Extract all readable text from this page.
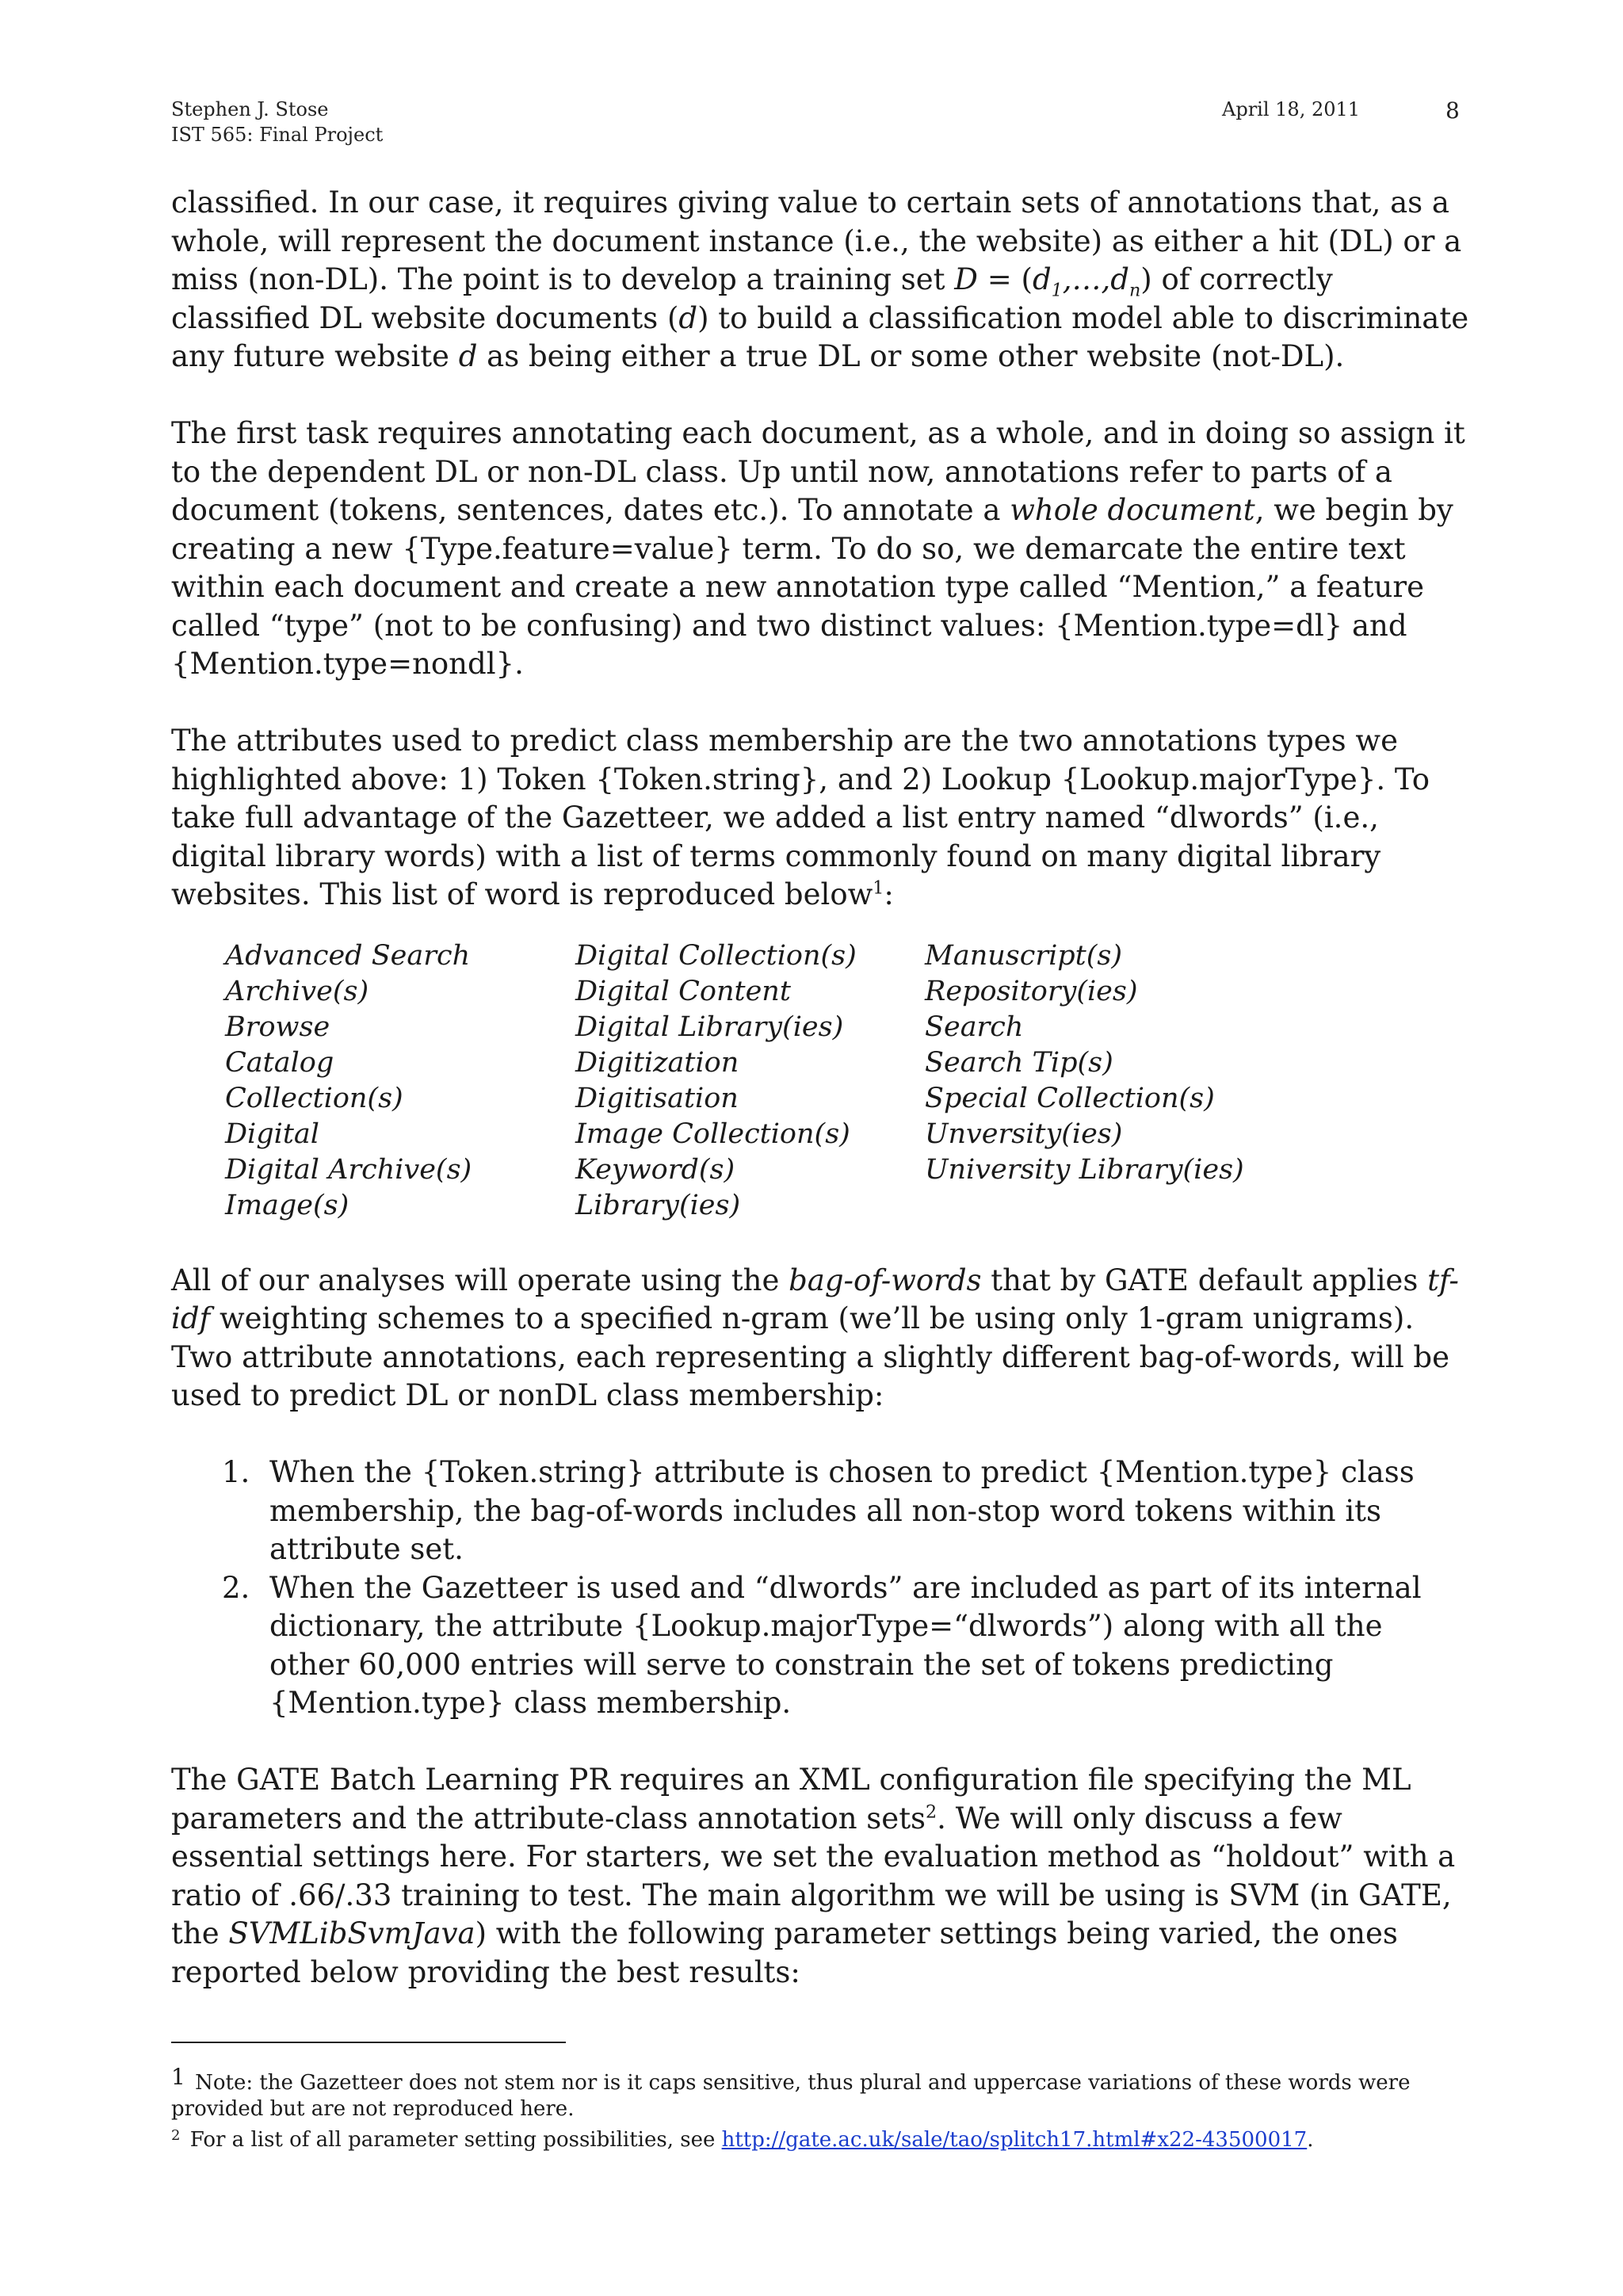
Stephen J. Stose
IST 565: Final Project
April 18, 2011	8

classified. In our case, it requires giving value to certain sets of annotations that, as a whole, will represent the document instance (i.e., the website) as either a hit (DL) or a miss (non-DL). The point is to develop a training set $D = (d_1,\dots,d_n)$ of correctly classified DL website documents (d) to build a classification model able to discriminate any future website d as being either a true DL or some other website (not-DL).

The first task requires annotating each document, as a whole, and in doing so assign it to the dependent DL or non-DL class. Up until now, annotations refer to parts of a document (tokens, sentences, dates etc.). To annotate a whole document, we begin by creating a new {Type.feature=value} term. To do so, we demarcate the entire text within each document and create a new annotation type called “Mention,” a feature called “type” (not to be confusing) and two distinct values: {Mention.type=dl} and {Mention.type=nondl}.

The attributes used to predict class membership are the two annotations types we highlighted above: 1) Token {Token.string}, and 2) Lookup {Lookup.majorType}. To take full advantage of the Gazetteer, we added a list entry named “dlwords” (i.e., digital library words) with a list of terms commonly found on many digital library websites. This list of word is reproduced below$^1$:

Advanced Search
Archive(s)
Browse
Catalog
Collection(s)
Digital
Digital Archive(s)
Image(s)
Digital Collection(s)
Digital Content
Digital Library(ies)
Digitization
Digitisation
Image Collection(s)
Keyword(s)
Library(ies)
Manuscript(s)
Repository(ies)
Search
Search Tip(s)
Special Collection(s)
Unversity(ies)
University Library(ies)

All of our analyses will operate using the bag-of-words that by GATE default applies tf-idf weighting schemes to a specified n-gram (we’ll be using only 1-gram unigrams). Two attribute annotations, each representing a slightly different bag-of-words, will be used to predict DL or nonDL class membership:

1. When the {Token.string} attribute is chosen to predict {Mention.type} class membership, the bag-of-words includes all non-stop word tokens within its attribute set.
2. When the Gazetteer is used and “dlwords” are included as part of its internal dictionary, the attribute {Lookup.majorType=“dlwords”) along with all the other 60,000 entries will serve to constrain the set of tokens predicting {Mention.type} class membership.

The GATE Batch Learning PR requires an XML configuration file specifying the ML parameters and the attribute-class annotation sets$^2$. We will only discuss a few essential settings here. For starters, we set the evaluation method as “holdout” with a ratio of .66/.33 training to test. The main algorithm we will be using is SVM (in GATE, the SVMLibSvmJava) with the following parameter settings being varied, the ones reported below providing the best results:

1 Note: the Gazetteer does not stem nor is it caps sensitive, thus plural and uppercase variations of these words were provided but are not reproduced here.

$^2$ For a list of all parameter setting possibilities, see http://gate.ac.uk/sale/tao/splitch17.html#x22-43500017.
